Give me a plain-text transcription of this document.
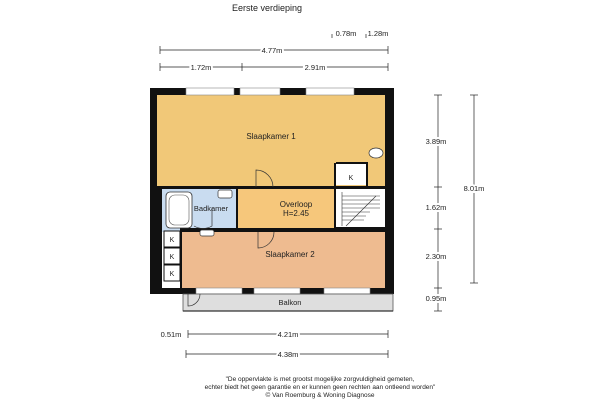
Eerste verdieping
Slaapkamer 1
Badkamer	Overloop
H=2.45
Slaapkamer 2
Balkon
K
K
K
K
0.78m 1.28m
4.77m
1.72m	2.91m
3.89m
1.62m
2.30m
0.95m
8.01m
0.51m	4.21m
4.38m
"De oppervlakte is met grootst mogelijke zorgvuldigheid gemeten,
echter biedt het geen garantie en er kunnen geen rechten aan ontleend worden"
© Van Roemburg & Woning Diagnose
